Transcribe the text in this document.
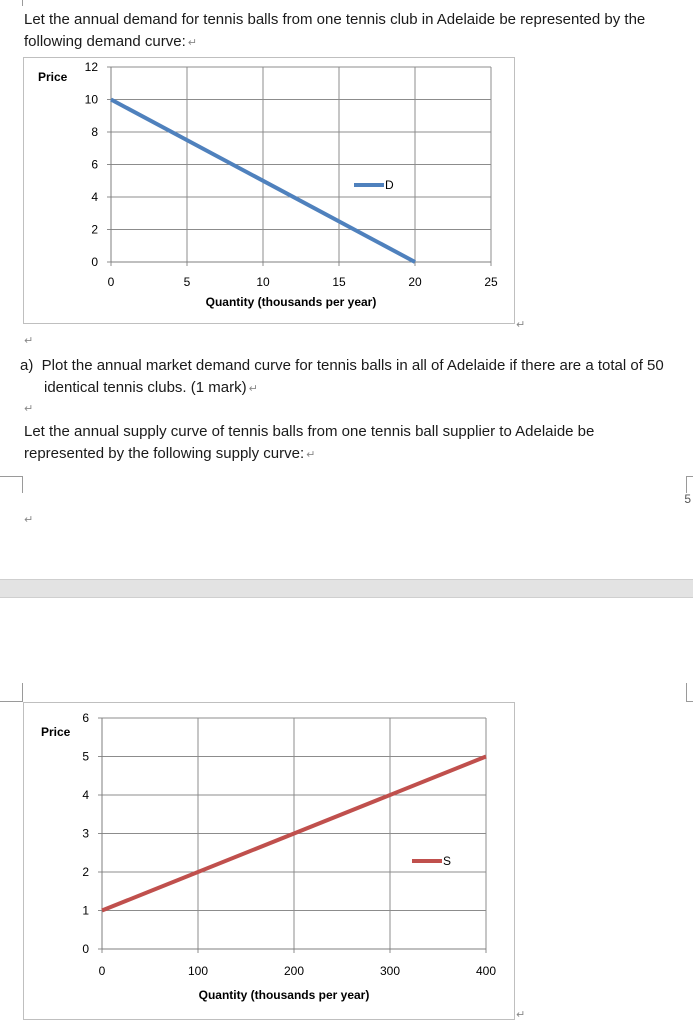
Let the annual demand for tennis balls from one tennis club in Adelaide be represented by the following demand curve: ↵

0
2
4
6
8
10
12
0	5	10	15	20	25
Price
Quantity (thousands per year)
D
↵
↵

a)  Plot the annual market demand curve for tennis balls in all of Adelaide if there are a total of 50 identical tennis clubs. (1 mark) ↵

↵

Let the annual supply curve of tennis balls from one tennis ball supplier to Adelaide be represented by the following supply curve: ↵

↵
5
0
1
2
3
4
5
6
0	100	200	300	400
Price
Quantity (thousands per year)
S
↵
